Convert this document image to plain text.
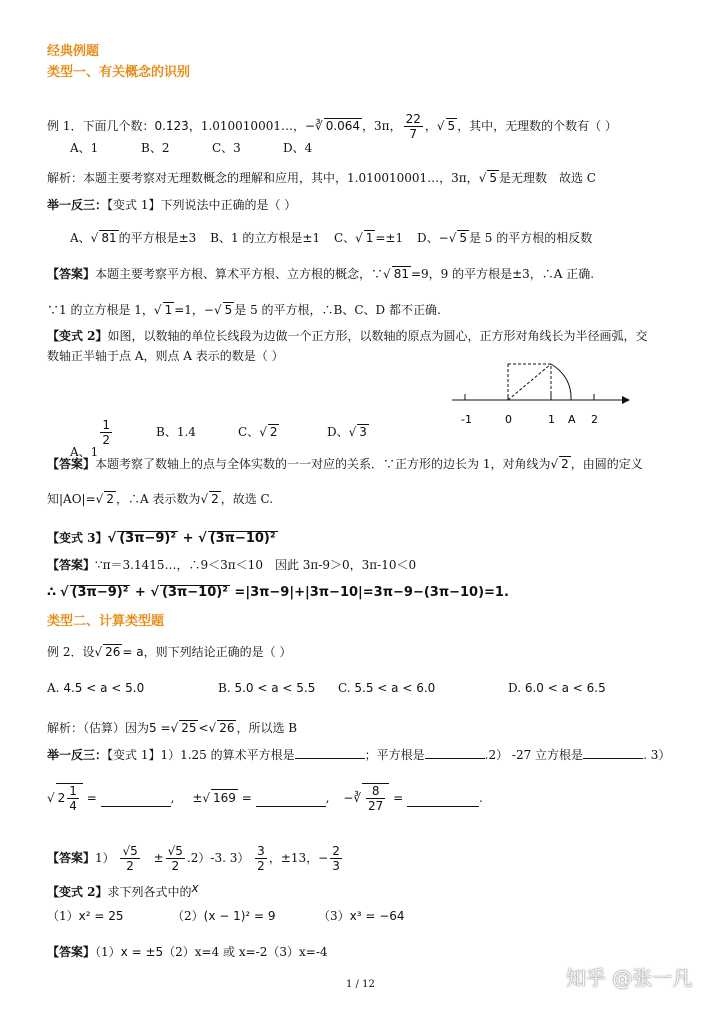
经典例题
类型一、有关概念的识别
例 1．下面几个数：0.1̇23̇，1.010010001…，−∛ 0.064 ，3π， $\frac{22}{7}$ ，√ 5 ，其中，无理数的个数有（ ）
A、1	B、2	C、3	D、4
解析：本题主要考察对无理数概念的理解和应用，其中，1.010010001…，3π，√ 5 是无理数　故选 C
举一反三：【变式 1】下列说法中正确的是（ ）
A、√ 81 的平方根是±3 B、1 的立方根是±1 C、√ 1 =±1 D、−√ 5 是 5 的平方根的相反数
【答案】本题主要考察平方根、算术平方根、立方根的概念，∵√ 81 =9，9 的平方根是±3，∴A 正确.
∵1 的立方根是 1，√ 1 =1，−√ 5 是 5 的平方根，∴B、C、D 都不正确.
【变式 2】如图，以数轴的单位长线段为边做一个正方形，以数轴的原点为圆心，正方形对角线长为半径画弧，交
数轴正半轴于点 A，则点 A 表示的数是（ ）
-1	0	1 A 2
A、1
$\frac{1}{2}$	B、1.4	C、√ 2	D、√ 3
【答案】本题考察了数轴上的点与全体实数的一一对应的关系．∵正方形的边长为 1，对角线为√ 2 ，由圆的定义
知|AO|=√ 2 ，∴A 表示数为√ 2 ，故选 C.
【变式 3】√ (3π−9)² + √ (3π−10)²
【答案】∵π＝3.1415…，∴9＜3π＜10　因此 3π-9＞0，3π-10＜0
∴ √ (3π−9)² + √ (3π−10)² =|3π−9|+|3π−10|=3π−9−(3π−10)=1.
类型二、计算类型题
例 2．设√ 26 = a，则下列结论正确的是（ ）
A. 4.5 < a < 5.0	B. 5.0 < a < 5.5 C. 5.5 < a < 6.0	D. 6.0 < a < 6.5
解析：（估算）因为5 =√ 25 <√ 26 ，所以选 B
举一反三：【变式 1】1）1.25 的算术平方根是	；平方根是	.2） -27 立方根是	. 3）
√ $2 \frac{1}{4}$ =	, ±√ 169 =	, −∛ $\frac{8}{27}$ =	.
【答案】$1) \frac{√5}{2} \pm \frac{√5}{2} .2)-3$. $3) \frac{3}{2}$ ，±13，− $\frac{2}{3}$
【变式 2】求下列各式中的x
（1）x² = 25	（2）(x − 1)² = 9	（3）x³ = −64
【答案】（1）x = ±5（2）x=4 或 x=-2（3）x=-4
1 / 12	知乎 @张一凡
